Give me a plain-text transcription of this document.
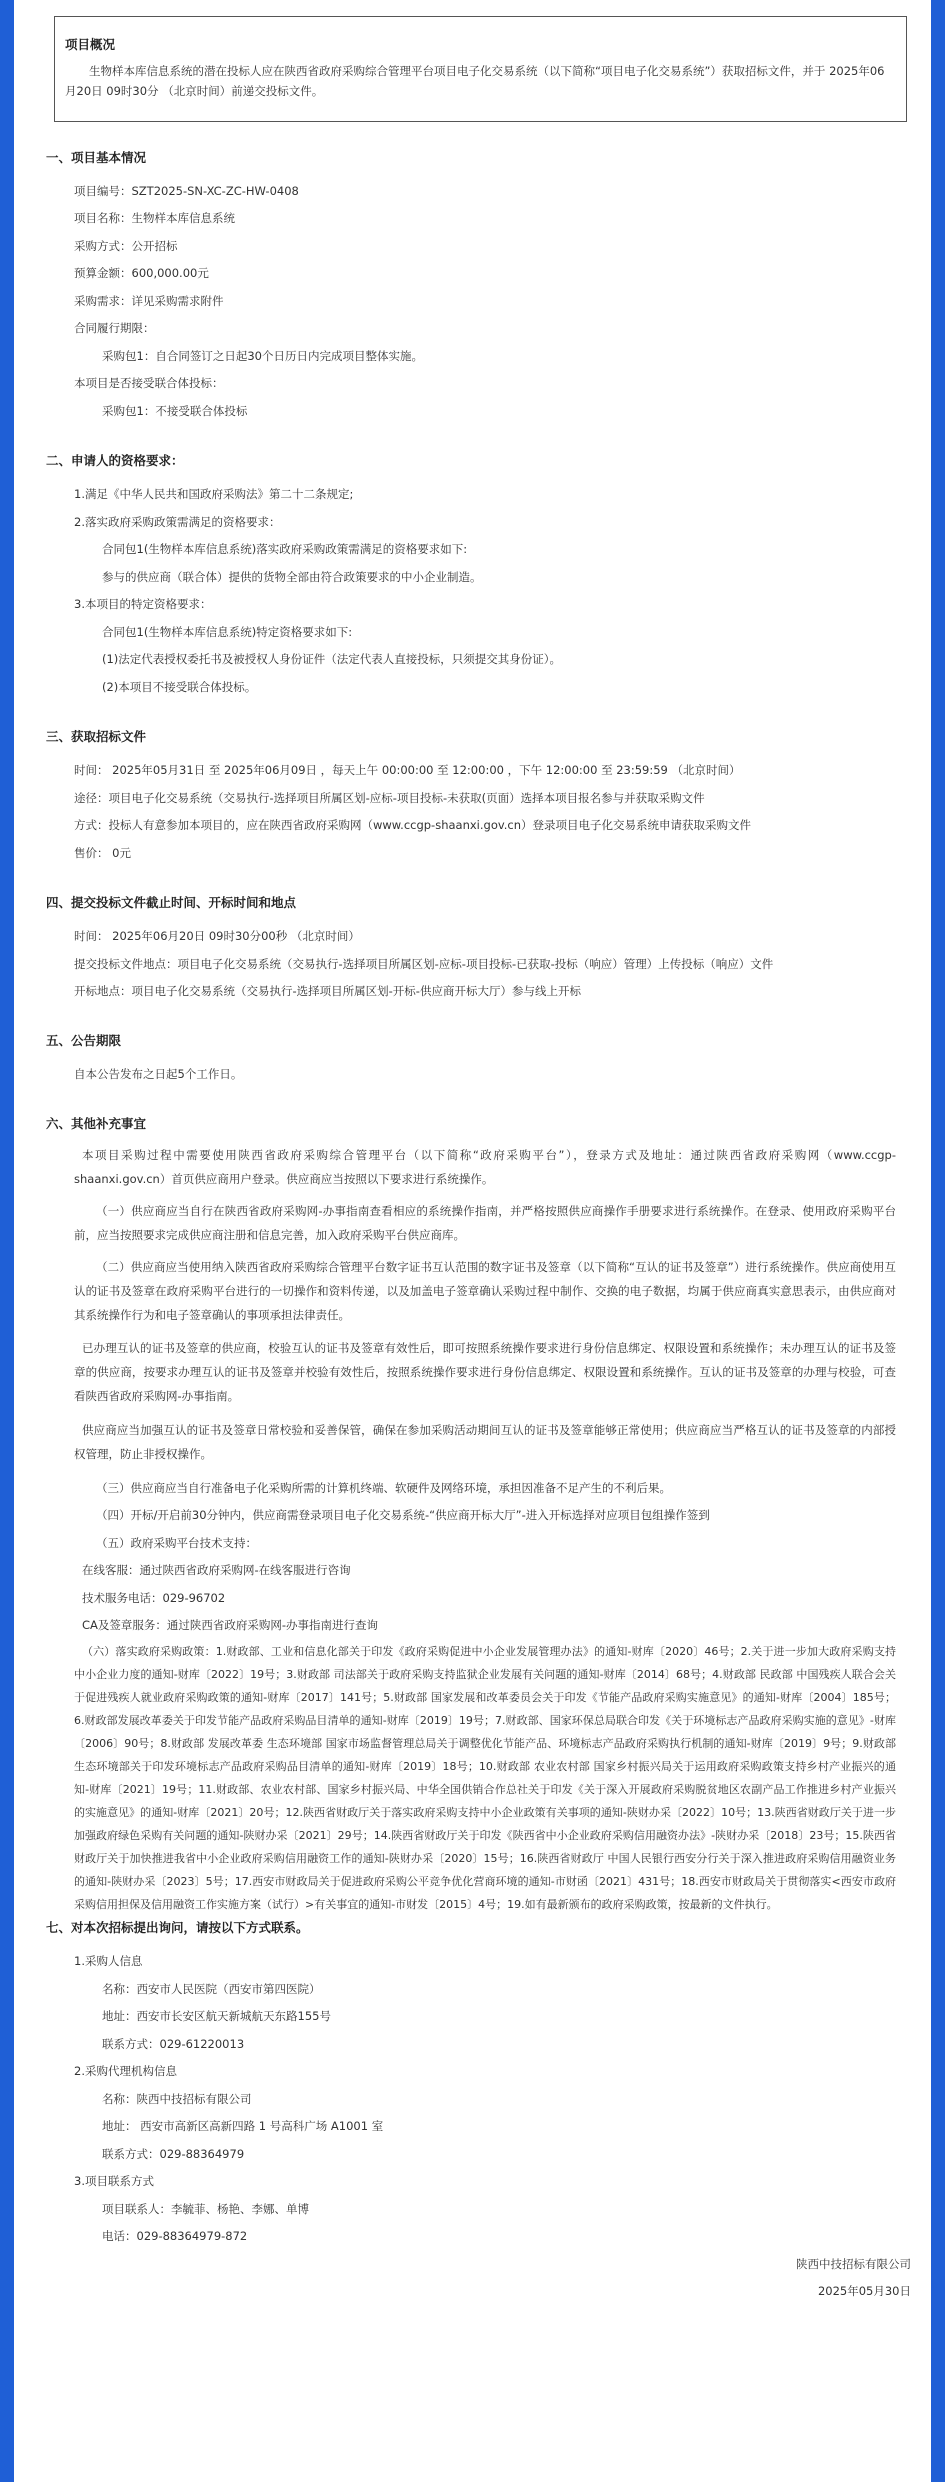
项目概况
生物样本库信息系统的潜在投标人应在陕西省政府采购综合管理平台项目电子化交易系统（以下简称“项目电子化交易系统”）获取招标文件，并于 2025年06月20日 09时30分 （北京时间）前递交投标文件。
一、项目基本情况
项目编号：SZT2025-SN-XC-ZC-HW-0408
项目名称：生物样本库信息系统
采购方式：公开招标
预算金额：600,000.00元
采购需求：详见采购需求附件
合同履行期限：
采购包1：自合同签订之日起30个日历日内完成项目整体实施。
本项目是否接受联合体投标：
采购包1：不接受联合体投标
二、申请人的资格要求：
1.满足《中华人民共和国政府采购法》第二十二条规定;
2.落实政府采购政策需满足的资格要求：
合同包1(生物样本库信息系统)落实政府采购政策需满足的资格要求如下:
参与的供应商（联合体）提供的货物全部由符合政策要求的中小企业制造。
3.本项目的特定资格要求：
合同包1(生物样本库信息系统)特定资格要求如下:
(1)法定代表授权委托书及被授权人身份证件（法定代表人直接投标，只须提交其身份证）。
(2)本项目不接受联合体投标。
三、获取招标文件
时间： 2025年05月31日 至 2025年06月09日 ，每天上午 00:00:00 至 12:00:00 ，下午 12:00:00 至 23:59:59 （北京时间）
途径：项目电子化交易系统（交易执行-选择项目所属区划-应标-项目投标-未获取(页面）选择本项目报名参与并获取采购文件
方式：投标人有意参加本项目的，应在陕西省政府采购网（www.ccgp-shaanxi.gov.cn）登录项目电子化交易系统申请获取采购文件
售价： 0元
四、提交投标文件截止时间、开标时间和地点
时间： 2025年06月20日 09时30分00秒 （北京时间）
提交投标文件地点：项目电子化交易系统（交易执行-选择项目所属区划-应标-项目投标-已获取-投标（响应）管理）上传投标（响应）文件
开标地点：项目电子化交易系统（交易执行-选择项目所属区划-开标-供应商开标大厅）参与线上开标
五、公告期限
自本公告发布之日起5个工作日。
六、其他补充事宜
本项目采购过程中需要使用陕西省政府采购综合管理平台（以下简称“政府采购平台”），登录方式及地址：通过陕西省政府采购网（www.ccgp-shaanxi.gov.cn）首页供应商用户登录。供应商应当按照以下要求进行系统操作。
（一）供应商应当自行在陕西省政府采购网-办事指南查看相应的系统操作指南，并严格按照供应商操作手册要求进行系统操作。在登录、使用政府采购平台前，应当按照要求完成供应商注册和信息完善，加入政府采购平台供应商库。
（二）供应商应当使用纳入陕西省政府采购综合管理平台数字证书互认范围的数字证书及签章（以下简称“互认的证书及签章”）进行系统操作。供应商使用互认的证书及签章在政府采购平台进行的一切操作和资料传递，以及加盖电子签章确认采购过程中制作、交换的电子数据，均属于供应商真实意思表示，由供应商对其系统操作行为和电子签章确认的事项承担法律责任。
已办理互认的证书及签章的供应商，校验互认的证书及签章有效性后，即可按照系统操作要求进行身份信息绑定、权限设置和系统操作；未办理互认的证书及签章的供应商，按要求办理互认的证书及签章并校验有效性后，按照系统操作要求进行身份信息绑定、权限设置和系统操作。互认的证书及签章的办理与校验，可查看陕西省政府采购网-办事指南。
供应商应当加强互认的证书及签章日常校验和妥善保管，确保在参加采购活动期间互认的证书及签章能够正常使用；供应商应当严格互认的证书及签章的内部授权管理，防止非授权操作。
（三）供应商应当自行准备电子化采购所需的计算机终端、软硬件及网络环境，承担因准备不足产生的不利后果。
（四）开标/开启前30分钟内，供应商需登录项目电子化交易系统-“供应商开标大厅”-进入开标选择对应项目包组操作签到
（五）政府采购平台技术支持：
在线客服：通过陕西省政府采购网-在线客服进行咨询
技术服务电话：029-96702
CA及签章服务：通过陕西省政府采购网-办事指南进行查询
（六）落实政府采购政策：1.财政部、工业和信息化部关于印发《政府采购促进中小企业发展管理办法》的通知-财库〔2020〕46号；2.关于进一步加大政府采购支持中小企业力度的通知-财库〔2022〕19号；3.财政部 司法部关于政府采购支持监狱企业发展有关问题的通知-财库〔2014〕68号；4.财政部 民政部 中国残疾人联合会关于促进残疾人就业政府采购政策的通知-财库〔2017〕141号；5.财政部 国家发展和改革委员会关于印发《节能产品政府采购实施意见》的通知-财库〔2004〕185号；6.财政部发展改革委关于印发节能产品政府采购品目清单的通知-财库〔2019〕19号；7.财政部、国家环保总局联合印发《关于环境标志产品政府采购实施的意见》-财库〔2006〕90号；8.财政部 发展改革委 生态环境部 国家市场监督管理总局关于调整优化节能产品、环境标志产品政府采购执行机制的通知-财库〔2019〕9号；9.财政部生态环境部关于印发环境标志产品政府采购品目清单的通知-财库〔2019〕18号；10.财政部 农业农村部 国家乡村振兴局关于运用政府采购政策支持乡村产业振兴的通知-财库〔2021〕19号；11.财政部、农业农村部、国家乡村振兴局、中华全国供销合作总社关于印发《关于深入开展政府采购脱贫地区农副产品工作推进乡村产业振兴的实施意见》的通知-财库〔2021〕20号；12.陕西省财政厅关于落实政府采购支持中小企业政策有关事项的通知-陕财办采〔2022〕10号；13.陕西省财政厅关于进一步加强政府绿色采购有关问题的通知-陕财办采〔2021〕29号；14.陕西省财政厅关于印发《陕西省中小企业政府采购信用融资办法》-陕财办采〔2018〕23号；15.陕西省财政厅关于加快推进我省中小企业政府采购信用融资工作的通知-陕财办采〔2020〕15号；16.陕西省财政厅 中国人民银行西安分行关于深入推进政府采购信用融资业务的通知-陕财办采〔2023〕5号；17.西安市财政局关于促进政府采购公平竞争优化营商环境的通知-市财函〔2021〕431号；18.西安市财政局关于贯彻落实<西安市政府采购信用担保及信用融资工作实施方案（试行）>有关事宜的通知-市财发〔2015〕4号；19.如有最新颁布的政府采购政策，按最新的文件执行。
七、对本次招标提出询问，请按以下方式联系。
1.采购人信息
名称：西安市人民医院（西安市第四医院）
地址：西安市长安区航天新城航天东路155号
联系方式：029-61220013
2.采购代理机构信息
名称：陕西中技招标有限公司
地址： 西安市高新区高新四路 1 号高科广场 A1001 室
联系方式：029-88364979
3.项目联系方式
项目联系人：李毓菲、杨艳、李娜、单博
电话：029-88364979-872
陕西中技招标有限公司
2025年05月30日
